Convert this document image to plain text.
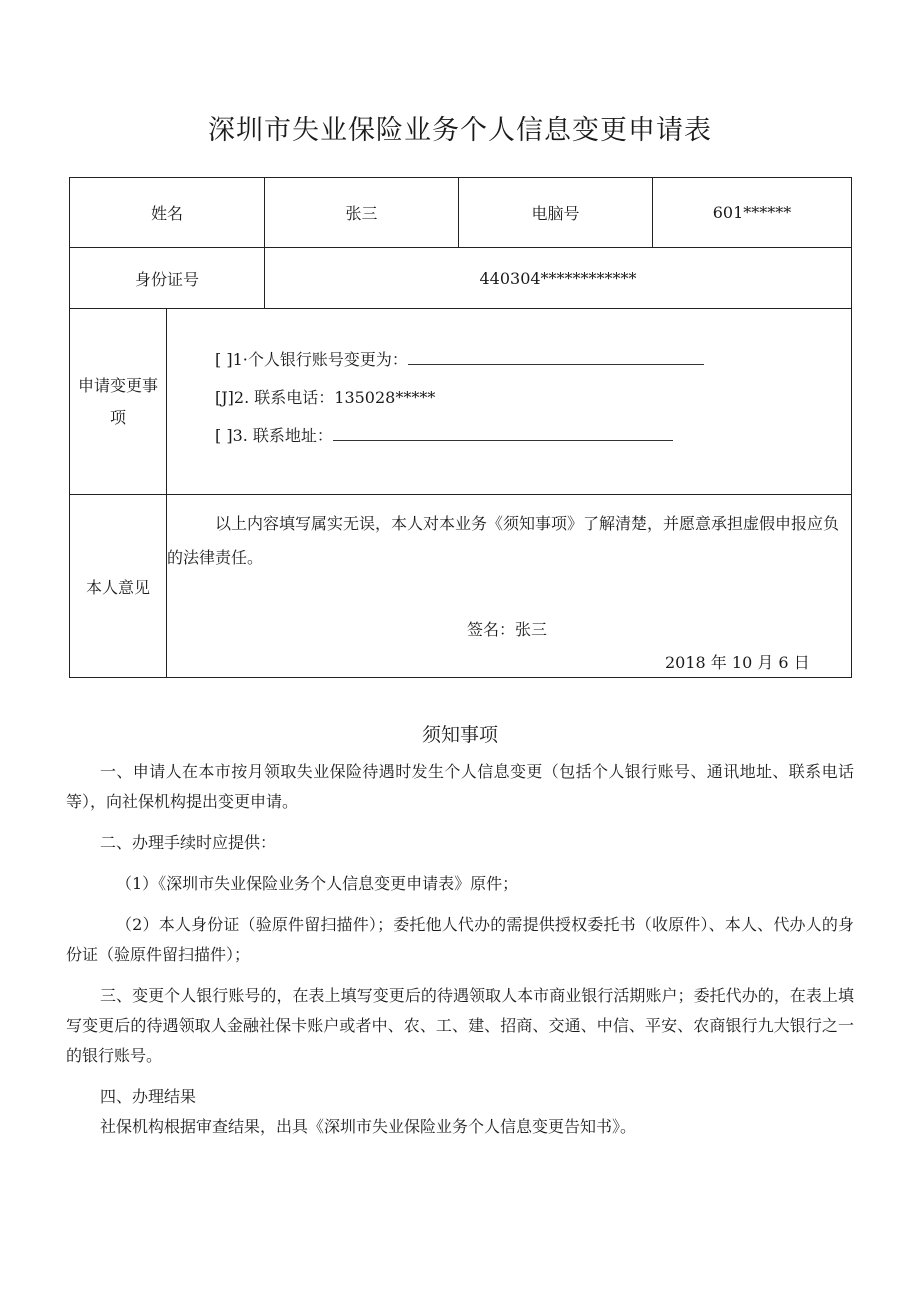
深圳市失业保险业务个人信息变更申请表
姓名		张三	电脑号	601******
身份证号		440304************		
申请变更事项	[ ]1·个人银行账号变更为：
[J]2. 联系电话：135028*****
[ ]3. 联系地址：			

本人意见	以上内容填写属实无误，本人对本业务《须知事项》了解清楚，并愿意承担虚假申报应负的法律责任。
签名：张三
2018 年 10 月 6 日			
须知事项

一、申请人在本市按月领取失业保险待遇时发生个人信息变更（包括个人银行账号、通讯地址、联系电话等），向社保机构提出变更申请。

二、办理手续时应提供：

（1）《深圳市失业保险业务个人信息变更申请表》原件；

（2）本人身份证（验原件留扫描件）；委托他人代办的需提供授权委托书（收原件）、本人、代办人的身份证（验原件留扫描件）；

三、变更个人银行账号的，在表上填写变更后的待遇领取人本市商业银行活期账户；委托代办的，在表上填写变更后的待遇领取人金融社保卡账户或者中、农、工、建、招商、交通、中信、平安、农商银行九大银行之一的银行账号。

四、办理结果

社保机构根据审查结果，出具《深圳市失业保险业务个人信息变更告知书》。
